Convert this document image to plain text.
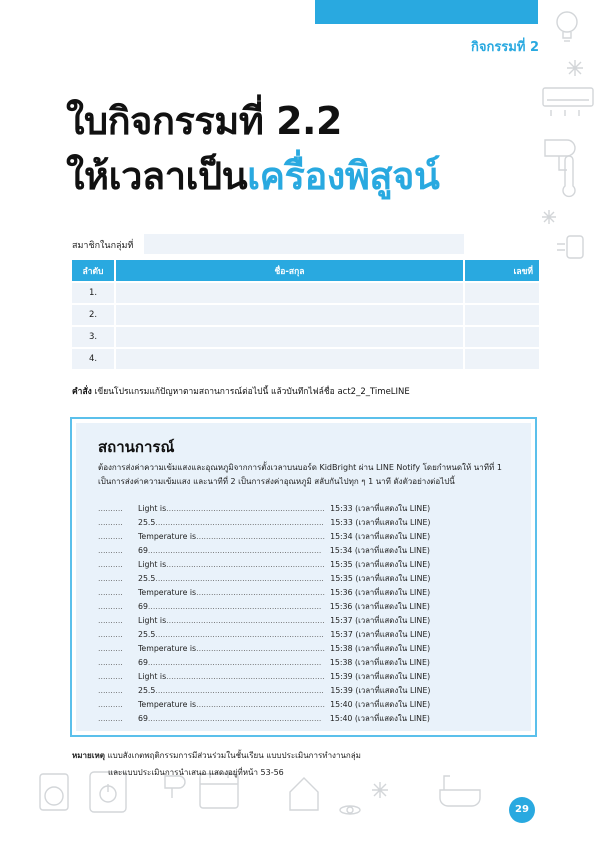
กิจกรรมที่ 2
ใบกิจกรรมที่ 2.2
ให้เวลาเป็นเครื่องพิสูจน์
สมาชิกในกลุ่มที่
ลำดับ	ชื่อ-สกุล	เลขที่
1.		
2.		
3.		
4.		
คำสั่ง เขียนโปรแกรมแก้ปัญหาตามสถานการณ์ต่อไปนี้ แล้วบันทึกไฟล์ชื่อ act2_2_TimeLINE
สถานการณ์
ต้องการส่งค่าความเข้มแสงและอุณหภูมิจากการตั้งเวลาบนบอร์ด KidBright ผ่าน LINE Notify โดยกำหนดให้ นาทีที่ 1 เป็นการส่งค่าความเข้มแสง และนาทีที่ 2 เป็นการส่งค่าอุณหภูมิ สลับกันไปทุก ๆ 1 นาที ดังตัวอย่างต่อไปนี้
..........	Light is ................................................................ 15:33 (เวลาที่แสดงใน LINE)
..........	25.5 .................................................................... 15:33 (เวลาที่แสดงใน LINE)
..........	Temperature is .................................................... 15:34 (เวลาที่แสดงใน LINE)
..........	69 ......................................................................	15:34 (เวลาที่แสดงใน LINE)
..........	Light is ................................................................ 15:35 (เวลาที่แสดงใน LINE)
..........	25.5 .................................................................... 15:35 (เวลาที่แสดงใน LINE)
..........	Temperature is .................................................... 15:36 (เวลาที่แสดงใน LINE)
..........	69 ......................................................................	15:36 (เวลาที่แสดงใน LINE)
..........	Light is ................................................................ 15:37 (เวลาที่แสดงใน LINE)
..........	25.5 .................................................................... 15:37 (เวลาที่แสดงใน LINE)
..........	Temperature is .................................................... 15:38 (เวลาที่แสดงใน LINE)
..........	69 ......................................................................	15:38 (เวลาที่แสดงใน LINE)
..........	Light is ................................................................ 15:39 (เวลาที่แสดงใน LINE)
..........	25.5 .................................................................... 15:39 (เวลาที่แสดงใน LINE)
..........	Temperature is .................................................... 15:40 (เวลาที่แสดงใน LINE)
..........	69 ......................................................................	15:40 (เวลาที่แสดงใน LINE)
หมายเหตุ แบบสังเกตพฤติกรรมการมีส่วนร่วมในชั้นเรียน แบบประเมินการทำงานกลุ่ม
และแบบประเมินการนำเสนอ แสดงอยู่ที่หน้า 53-56
29
